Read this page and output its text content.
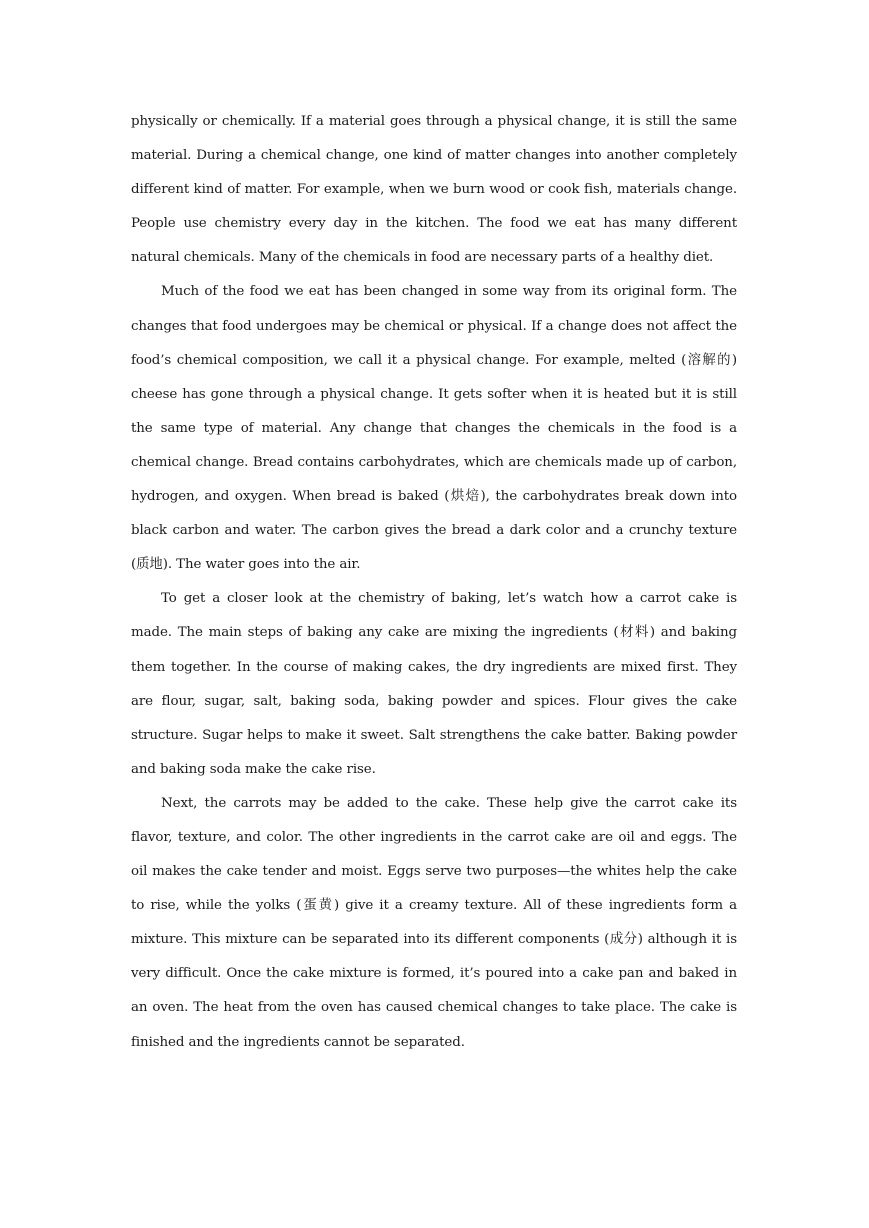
physically or chemically. If a material goes through a physical change, it is still the same material. During a chemical change, one kind of matter changes into another completely different kind of matter. For example, when we burn wood or cook fish, materials change. People use chemistry every day in the kitchen. The food we eat has many different natural chemicals. Many of the chemicals in food are necessary parts of a healthy diet.

Much of the food we eat has been changed in some way from its original form. The changes that food undergoes may be chemical or physical. If a change does not affect the food’s chemical composition, we call it a physical change. For example, melted (溶解的) cheese has gone through a physical change. It gets softer when it is heated but it is still the same type of material. Any change that changes the chemicals in the food is a chemical change. Bread contains carbohydrates, which are chemicals made up of carbon, hydrogen, and oxygen. When bread is baked (烘焙), the carbohydrates break down into black carbon and water. The carbon gives the bread a dark color and a crunchy texture (质地). The water goes into the air.

To get a closer look at the chemistry of baking, let’s watch how a carrot cake is made. The main steps of baking any cake are mixing the ingredients (材料) and baking them together. In the course of making cakes, the dry ingredients are mixed first. They are flour, sugar, salt, baking soda, baking powder and spices. Flour gives the cake structure. Sugar helps to make it sweet. Salt strengthens the cake batter. Baking powder and baking soda make the cake rise.

Next, the carrots may be added to the cake. These help give the carrot cake its flavor, texture, and color. The other ingredients in the carrot cake are oil and eggs. The oil makes the cake tender and moist. Eggs serve two purposes—the whites help the cake to rise, while the yolks (蛋黄) give it a creamy texture. All of these ingredients form a mixture. This mixture can be separated into its different components (成分) although it is very difficult. Once the cake mixture is formed, it’s poured into a cake pan and baked in an oven. The heat from the oven has caused chemical changes to take place. The cake is finished and the ingredients cannot be separated.
